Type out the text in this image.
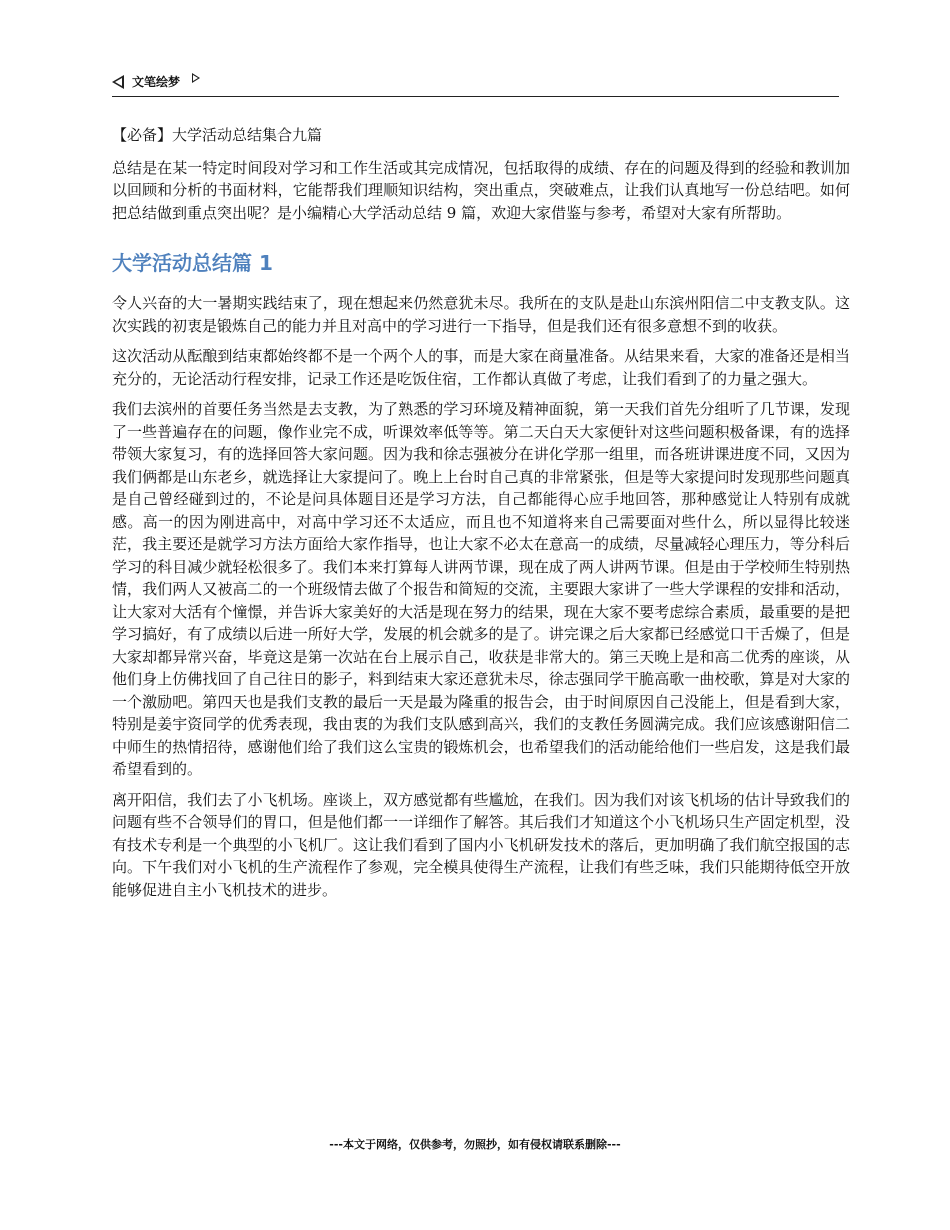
文笔绘梦

【必备】大学活动总结集合九篇

总结是在某一特定时间段对学习和工作生活或其完成情况，包括取得的成绩、存在的问题及得到的经验和教训加以回顾和分析的书面材料，它能帮我们理顺知识结构，突出重点，突破难点，让我们认真地写一份总结吧。如何把总结做到重点突出呢？是小编精心大学活动总结 9 篇，欢迎大家借鉴与参考，希望对大家有所帮助。

大学活动总结篇 1

令人兴奋的大一暑期实践结束了，现在想起来仍然意犹未尽。我所在的支队是赴山东滨州阳信二中支教支队。这次实践的初衷是锻炼自己的能力并且对高中的学习进行一下指导，但是我们还有很多意想不到的收获。

这次活动从酝酿到结束都始终都不是一个两个人的事，而是大家在商量准备。从结果来看，大家的准备还是相当充分的，无论活动行程安排，记录工作还是吃饭住宿，工作都认真做了考虑，让我们看到了的力量之强大。

我们去滨州的首要任务当然是去支教，为了熟悉的学习环境及精神面貌，第一天我们首先分组听了几节课，发现了一些普遍存在的问题，像作业完不成，听课效率低等等。第二天白天大家便针对这些问题积极备课，有的选择带领大家复习，有的选择回答大家问题。因为我和徐志强被分在讲化学那一组里，而各班讲课进度不同，又因为我们俩都是山东老乡，就选择让大家提问了。晚上上台时自己真的非常紧张，但是等大家提问时发现那些问题真是自己曾经碰到过的，不论是问具体题目还是学习方法，自己都能得心应手地回答，那种感觉让人特别有成就感。高一的因为刚进高中，对高中学习还不太适应，而且也不知道将来自己需要面对些什么，所以显得比较迷茫，我主要还是就学习方法方面给大家作指导，也让大家不必太在意高一的成绩，尽量减轻心理压力，等分科后学习的科目减少就轻松很多了。我们本来打算每人讲两节课，现在成了两人讲两节课。但是由于学校师生特别热情，我们两人又被高二的一个班级情去做了个报告和简短的交流，主要跟大家讲了一些大学课程的安排和活动，让大家对大活有个憧憬，并告诉大家美好的大活是现在努力的结果，现在大家不要考虑综合素质，最重要的是把学习搞好，有了成绩以后进一所好大学，发展的机会就多的是了。讲完课之后大家都已经感觉口干舌燥了，但是大家却都异常兴奋，毕竟这是第一次站在台上展示自己，收获是非常大的。第三天晚上是和高二优秀的座谈，从他们身上仿佛找回了自己往日的影子，料到结束大家还意犹未尽，徐志强同学干脆高歌一曲校歌，算是对大家的一个激励吧。第四天也是我们支教的最后一天是最为隆重的报告会，由于时间原因自己没能上，但是看到大家，特别是姜宇资同学的优秀表现，我由衷的为我们支队感到高兴，我们的支教任务圆满完成。我们应该感谢阳信二中师生的热情招待，感谢他们给了我们这么宝贵的锻炼机会，也希望我们的活动能给他们一些启发，这是我们最希望看到的。

离开阳信，我们去了小飞机场。座谈上，双方感觉都有些尴尬，在我们。因为我们对该飞机场的估计导致我们的问题有些不合领导们的胃口，但是他们都一一详细作了解答。其后我们才知道这个小飞机场只生产固定机型，没有技术专利是一个典型的小飞机厂。这让我们看到了国内小飞机研发技术的落后，更加明确了我们航空报国的志向。下午我们对小飞机的生产流程作了参观，完全模具使得生产流程，让我们有些乏味，我们只能期待低空开放能够促进自主小飞机技术的进步。

---本文于网络，仅供参考，勿照抄，如有侵权请联系删除---
